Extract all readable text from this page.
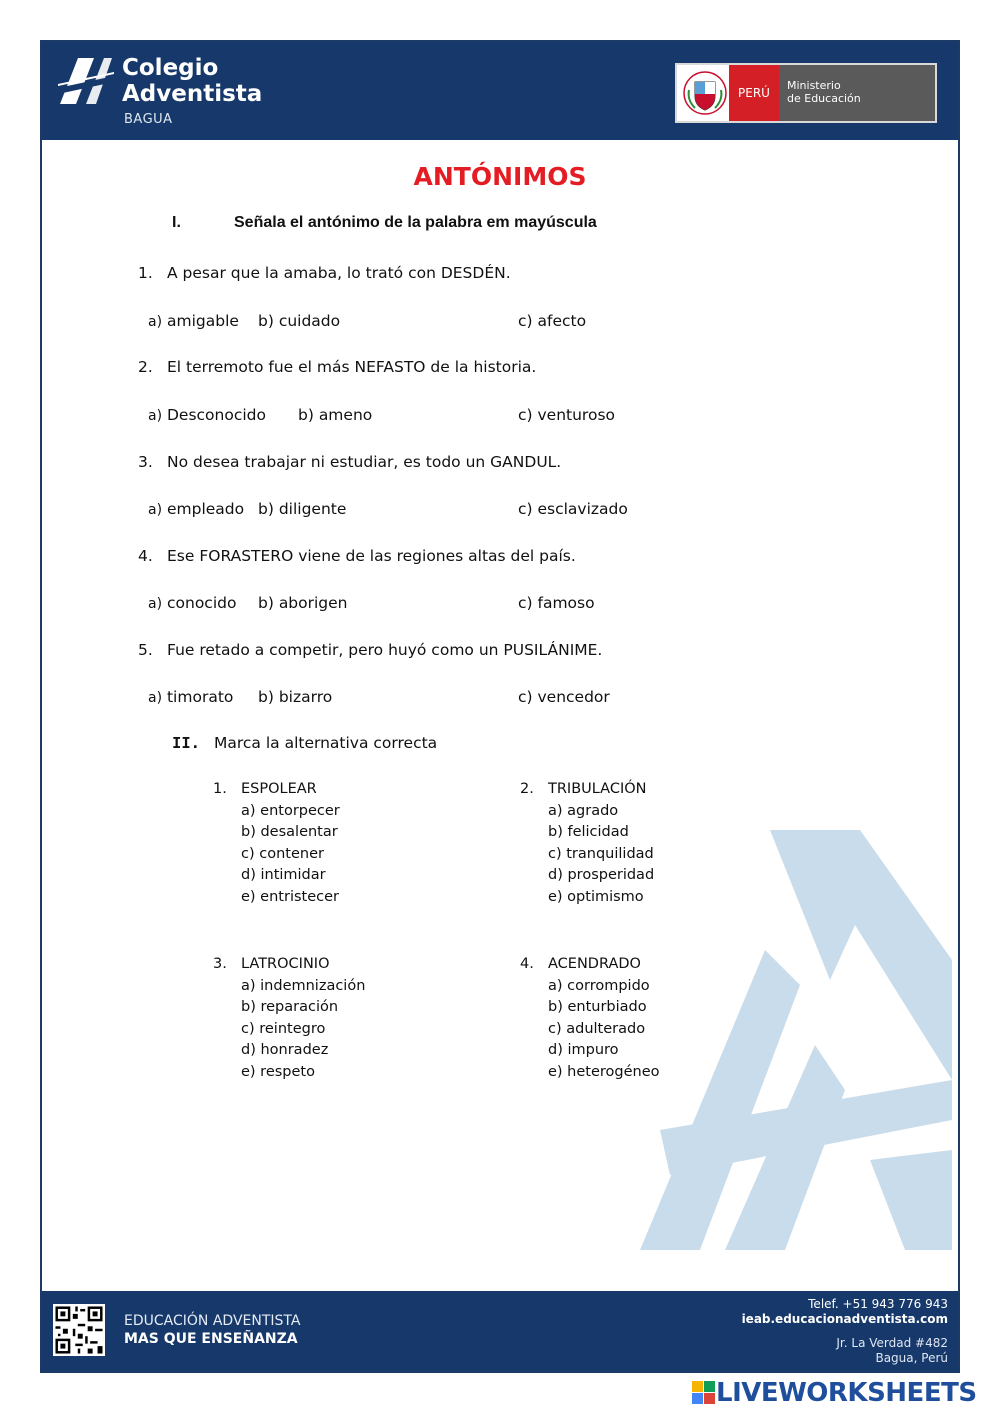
Colegio
Adventista
BAGUA
PERÚ
Ministerio
de Educación
ANTÓNIMOS
I.	Señala el antónimo de la palabra em mayúscula
1. A pesar que la amaba, lo trató con DESDÉN.
a) amigable b) cuidado	c) afecto
2. El terremoto fue el más NEFASTO de la historia.
a) Desconocido b) ameno	c) venturoso
3. No desea trabajar ni estudiar, es todo un GANDUL.
a) empleado b) diligente	c) esclavizado
4. Ese FORASTERO viene de las regiones altas del país.
a) conocido b) aborigen	c) famoso
5. Fue retado a competir, pero huyó como un PUSILÁNIME.
a) timorato b) bizarro	c) vencedor
II. Marca la alternativa correcta
1. ESPOLEAR
a) entorpecer
b) desalentar
c) contener
d) intimidar
e) entristecer
2. TRIBULACIÓN
a) agrado
b) felicidad
c) tranquilidad
d) prosperidad
e) optimismo
3. LATROCINIO
a) indemnización
b) reparación
c) reintegro
d) honradez
e) respeto
4. ACENDRADO
a) corrompido
b) enturbiado
c) adulterado
d) impuro
e) heterogéneo
EDUCACIÓN ADVENTISTA
MAS QUE ENSEÑANZA
Telef. +51 943 776 943
ieab.educacionadventista.com
Jr. La Verdad #482
Bagua, Perú
LIVEWORKSHEETS
